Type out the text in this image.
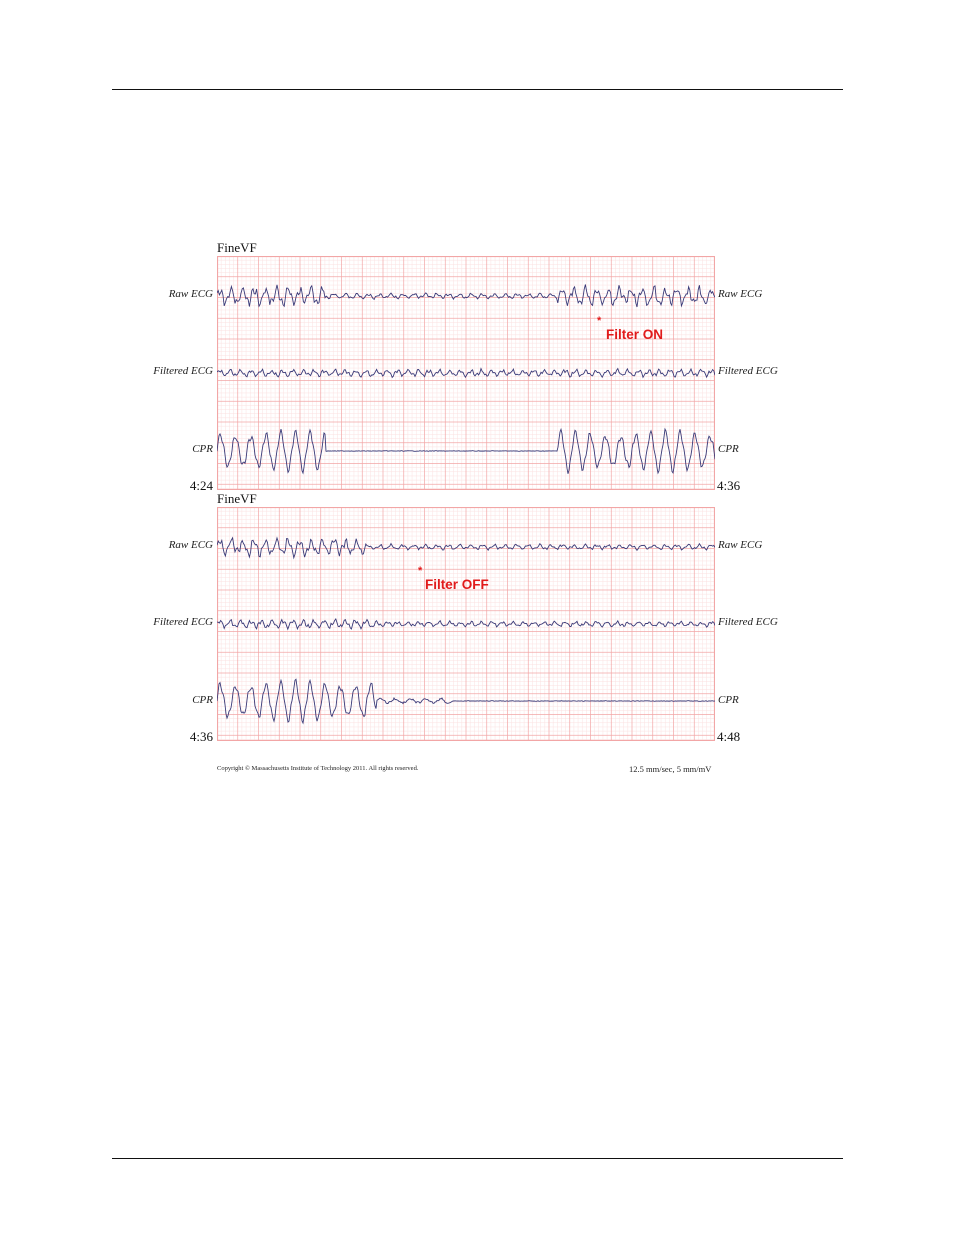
FineVF
Raw ECG	Raw ECG
Filtered ECG	Filtered ECG
CPR	CPR
4:24	4:36
*
Filter ON
FineVF
Raw ECG	Raw ECG
Filtered ECG	Filtered ECG
CPR	CPR
4:36	4:48
*
Filter OFF
Copyright © Massachusetts Institute of Technology 2011. All rights reserved.	12.5 mm/sec, 5 mm/mV
